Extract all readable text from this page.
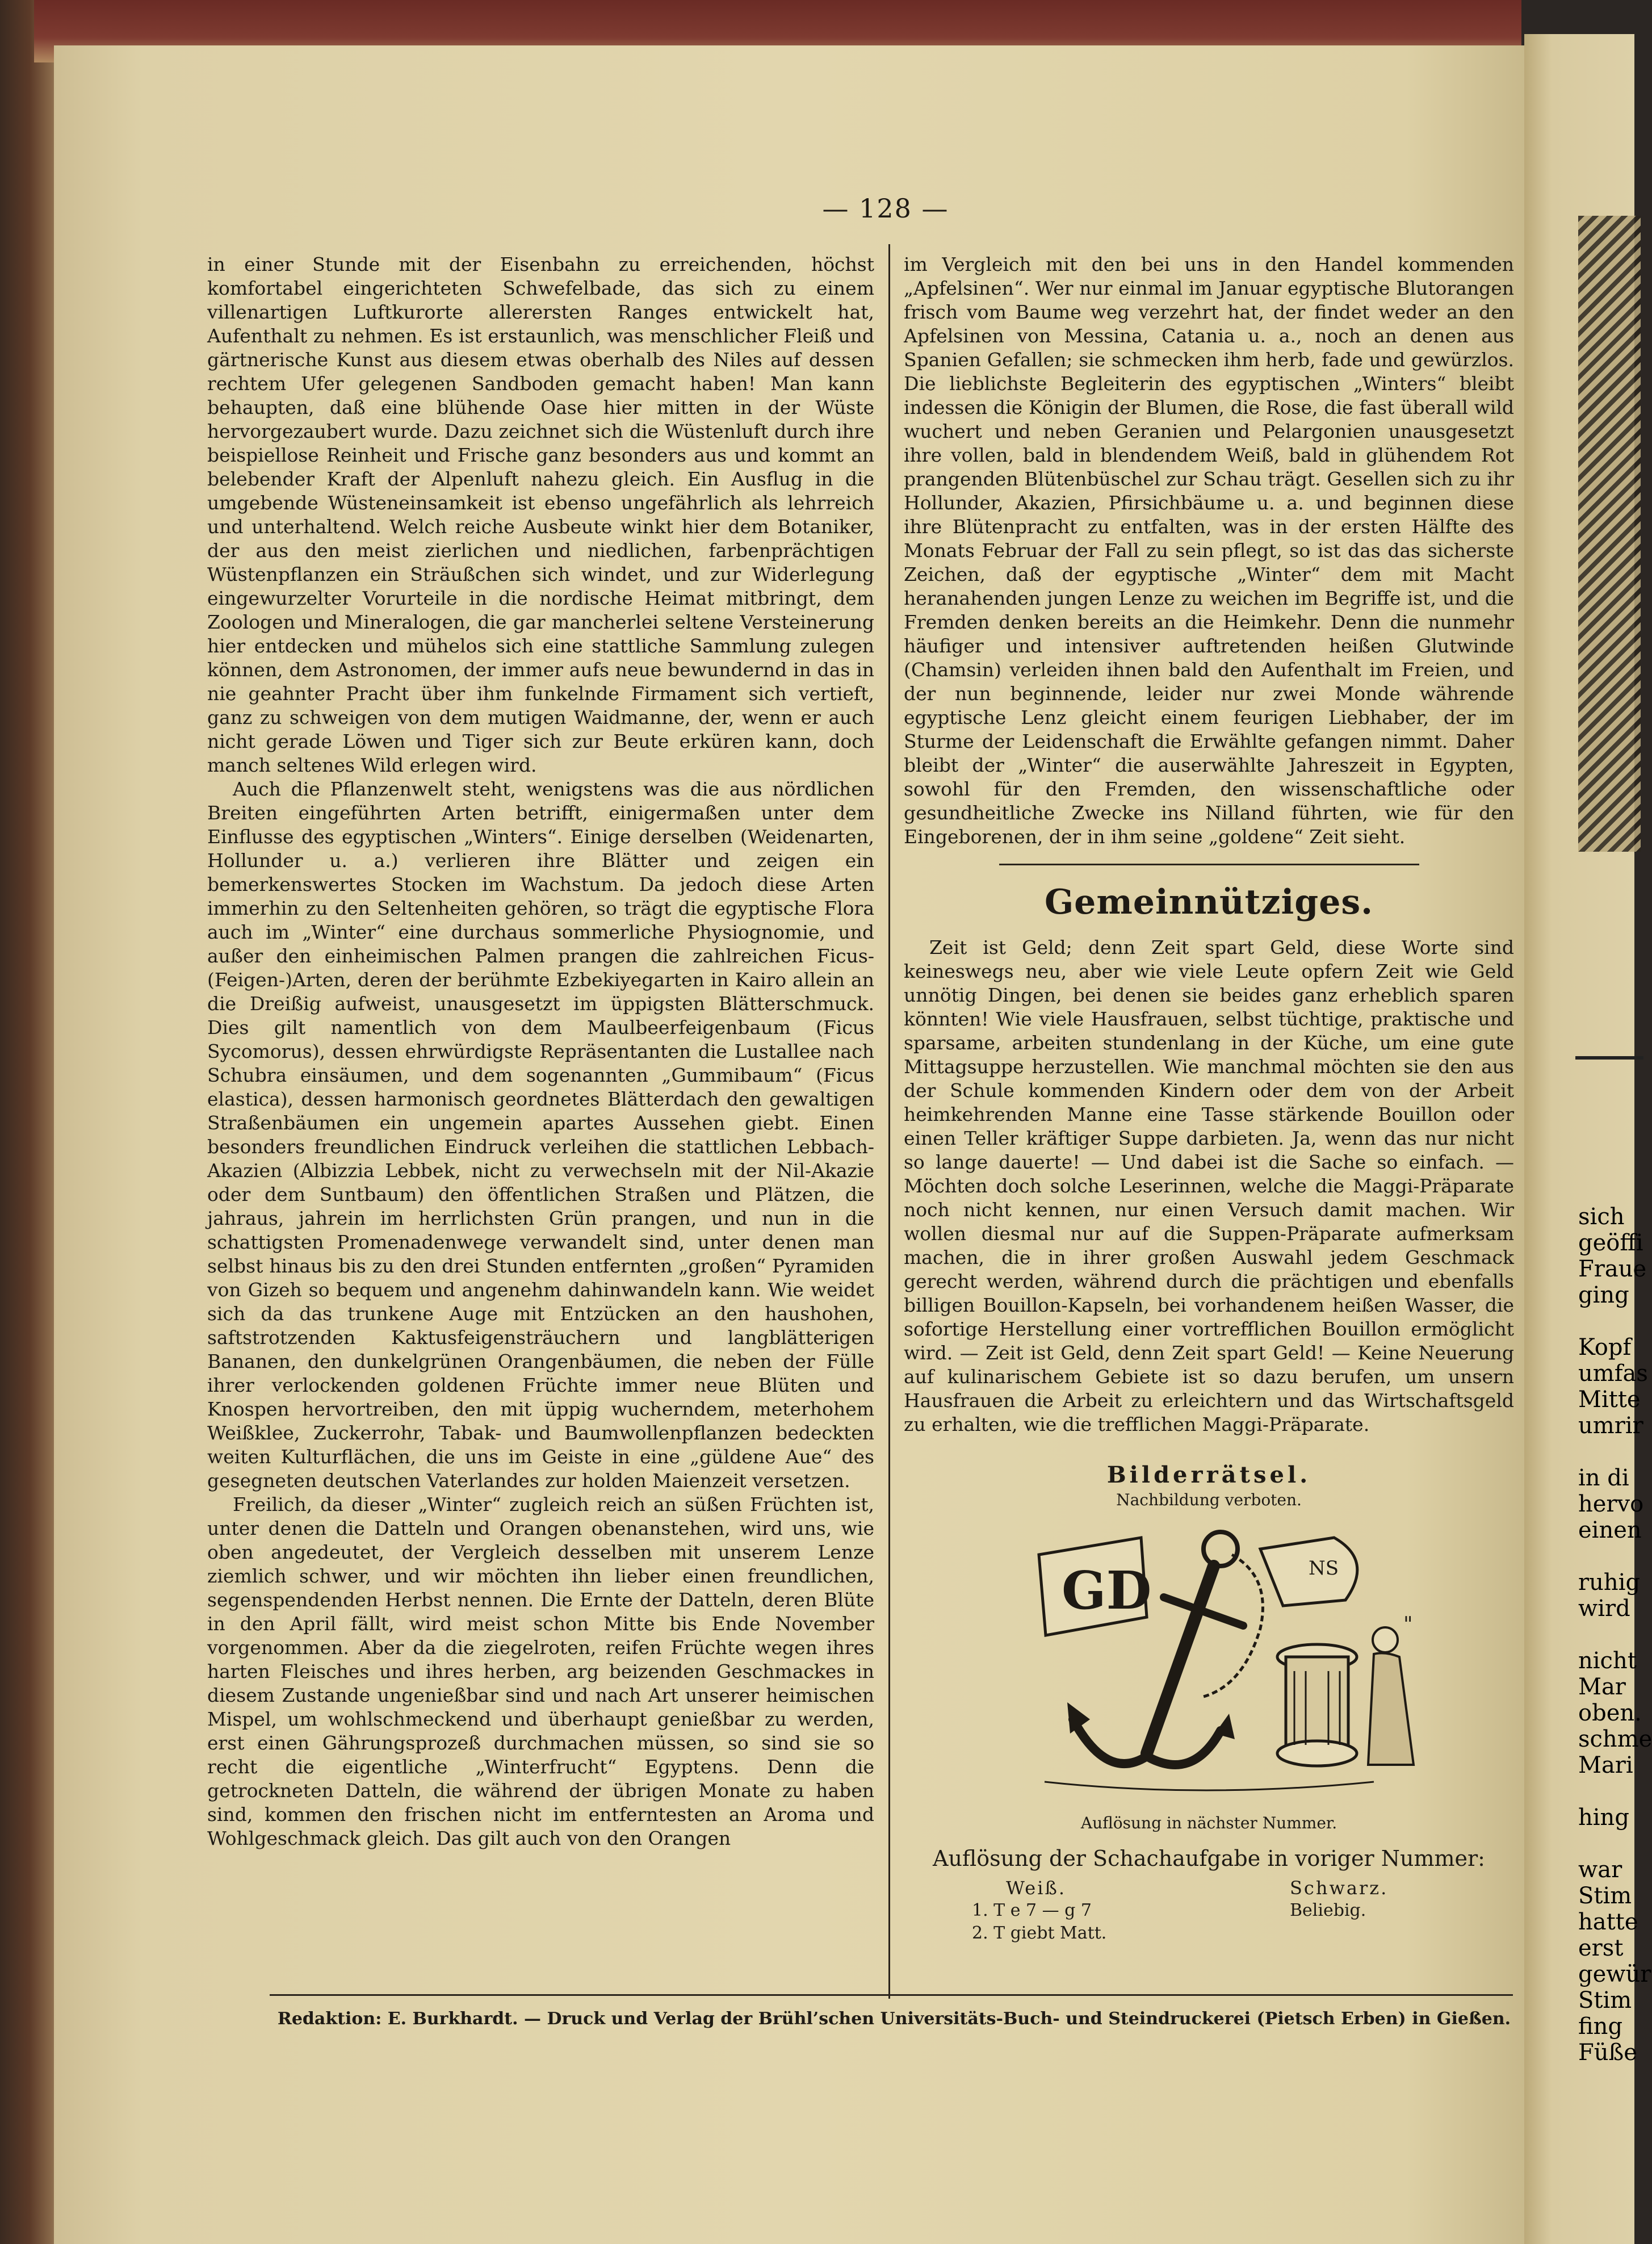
— 128 —

in einer Stunde mit der Eisenbahn zu erreichenden, höchst komfortabel eingerichteten Schwefelbade, das sich zu einem villenartigen Luftkurorte allerersten Ranges entwickelt hat, Aufenthalt zu nehmen. Es ist erstaunlich, was menschlicher Fleiß und gärtnerische Kunst aus diesem etwas oberhalb des Niles auf dessen rechtem Ufer gelegenen Sandboden gemacht haben! Man kann behaupten, daß eine blühende Oase hier mitten in der Wüste hervorgezaubert wurde. Dazu zeichnet sich die Wüstenluft durch ihre beispiellose Reinheit und Frische ganz besonders aus und kommt an belebender Kraft der Alpenluft nahezu gleich. Ein Ausflug in die umgebende Wüsteneinsamkeit ist ebenso ungefährlich als lehrreich und unterhaltend. Welch reiche Ausbeute winkt hier dem Botaniker, der aus den meist zierlichen und niedlichen, farbenprächtigen Wüstenpflanzen ein Sträußchen sich windet, und zur Widerlegung eingewurzelter Vorurteile in die nordische Heimat mitbringt, dem Zoologen und Mineralogen, die gar mancherlei seltene Versteinerung hier entdecken und mühelos sich eine stattliche Sammlung zulegen können, dem Astronomen, der immer aufs neue bewundernd in das in nie geahnter Pracht über ihm funkelnde Firmament sich vertieft, ganz zu schweigen von dem mutigen Waidmanne, der, wenn er auch nicht gerade Löwen und Tiger sich zur Beute erküren kann, doch manch seltenes Wild erlegen wird.

Auch die Pflanzenwelt steht, wenigstens was die aus nördlichen Breiten eingeführten Arten betrifft, einigermaßen unter dem Einflusse des egyptischen „Winters“. Einige derselben (Weidenarten, Hollunder u. a.) verlieren ihre Blätter und zeigen ein bemerkenswertes Stocken im Wachstum. Da jedoch diese Arten immerhin zu den Seltenheiten gehören, so trägt die egyptische Flora auch im „Winter“ eine durchaus sommerliche Physiognomie, und außer den einheimischen Palmen prangen die zahlreichen Ficus-(Feigen-)Arten, deren der berühmte Ezbekiyegarten in Kairo allein an die Dreißig aufweist, unausgesetzt im üppigsten Blätterschmuck. Dies gilt namentlich von dem Maulbeerfeigenbaum (Ficus Sycomorus), dessen ehrwürdigste Repräsentanten die Lustallee nach Schubra einsäumen, und dem sogenannten „Gummibaum“ (Ficus elastica), dessen harmonisch geordnetes Blätterdach den gewaltigen Straßenbäumen ein ungemein apartes Aussehen giebt. Einen besonders freundlichen Eindruck verleihen die stattlichen Lebbach-Akazien (Albizzia Lebbek, nicht zu verwechseln mit der Nil-Akazie oder dem Suntbaum) den öffentlichen Straßen und Plätzen, die jahraus, jahrein im herrlichsten Grün prangen, und nun in die schattigsten Promenadenwege verwandelt sind, unter denen man selbst hinaus bis zu den drei Stunden entfernten „großen“ Pyramiden von Gizeh so bequem und angenehm dahinwandeln kann. Wie weidet sich da das trunkene Auge mit Entzücken an den haushohen, saftstrotzenden Kaktusfeigensträuchern und langblätterigen Bananen, den dunkelgrünen Orangenbäumen, die neben der Fülle ihrer verlockenden goldenen Früchte immer neue Blüten und Knospen hervortreiben, den mit üppig wucherndem, meterhohem Weißklee, Zuckerrohr, Tabak- und Baumwollenpflanzen bedeckten weiten Kulturflächen, die uns im Geiste in eine „güldene Aue“ des gesegneten deutschen Vaterlandes zur holden Maienzeit versetzen.

Freilich, da dieser „Winter“ zugleich reich an süßen Früchten ist, unter denen die Datteln und Orangen obenanstehen, wird uns, wie oben angedeutet, der Vergleich desselben mit unserem Lenze ziemlich schwer, und wir möchten ihn lieber einen freundlichen, segenspendenden Herbst nennen. Die Ernte der Datteln, deren Blüte in den April fällt, wird meist schon Mitte bis Ende November vorgenommen. Aber da die ziegelroten, reifen Früchte wegen ihres harten Fleisches und ihres herben, arg beizenden Geschmackes in diesem Zustande ungenießbar sind und nach Art unserer heimischen Mispel, um wohlschmeckend und überhaupt genießbar zu werden, erst einen Gährungsprozeß durchmachen müssen, so sind sie so recht die eigentliche „Winterfrucht“ Egyptens. Denn die getrockneten Datteln, die während der übrigen Monate zu haben sind, kommen den frischen nicht im entferntesten an Aroma und Wohlgeschmack gleich. Das gilt auch von den Orangen

im Vergleich mit den bei uns in den Handel kommenden „Apfelsinen“. Wer nur einmal im Januar egyptische Blutorangen frisch vom Baume weg verzehrt hat, der findet weder an den Apfelsinen von Messina, Catania u. a., noch an denen aus Spanien Gefallen; sie schmecken ihm herb, fade und gewürzlos. Die lieblichste Begleiterin des egyptischen „Winters“ bleibt indessen die Königin der Blumen, die Rose, die fast überall wild wuchert und neben Geranien und Pelargonien unausgesetzt ihre vollen, bald in blendendem Weiß, bald in glühendem Rot prangenden Blütenbüschel zur Schau trägt. Gesellen sich zu ihr Hollunder, Akazien, Pfirsichbäume u. a. und beginnen diese ihre Blütenpracht zu entfalten, was in der ersten Hälfte des Monats Februar der Fall zu sein pflegt, so ist das das sicherste Zeichen, daß der egyptische „Winter“ dem mit Macht heranahenden jungen Lenze zu weichen im Begriffe ist, und die Fremden denken bereits an die Heimkehr. Denn die nunmehr häufiger und intensiver auftretenden heißen Glutwinde (Chamsin) verleiden ihnen bald den Aufenthalt im Freien, und der nun beginnende, leider nur zwei Monde währende egyptische Lenz gleicht einem feurigen Liebhaber, der im Sturme der Leidenschaft die Erwählte gefangen nimmt. Daher bleibt der „Winter“ die auserwählte Jahreszeit in Egypten, sowohl für den Fremden, den wissenschaftliche oder gesundheitliche Zwecke ins Nilland führten, wie für den Eingeborenen, der in ihm seine „goldene“ Zeit sieht.

Gemeinnütziges.

Zeit ist Geld; denn Zeit spart Geld, diese Worte sind keineswegs neu, aber wie viele Leute opfern Zeit wie Geld unnötig Dingen, bei denen sie beides ganz erheblich sparen könnten! Wie viele Hausfrauen, selbst tüchtige, praktische und sparsame, arbeiten stundenlang in der Küche, um eine gute Mittagsuppe herzustellen. Wie manchmal möchten sie den aus der Schule kommenden Kindern oder dem von der Arbeit heimkehrenden Manne eine Tasse stärkende Bouillon oder einen Teller kräftiger Suppe darbieten. Ja, wenn das nur nicht so lange dauerte! — Und dabei ist die Sache so einfach. — Möchten doch solche Leserinnen, welche die Maggi-Präparate noch nicht kennen, nur einen Versuch damit machen. Wir wollen diesmal nur auf die Suppen-Präparate aufmerksam machen, die in ihrer großen Auswahl jedem Geschmack gerecht werden, während durch die prächtigen und ebenfalls billigen Bouillon-Kapseln, bei vorhandenem heißen Wasser, die sofortige Herstellung einer vortrefflichen Bouillon ermöglicht wird. — Zeit ist Geld, denn Zeit spart Geld! — Keine Neuerung auf kulinarischem Gebiete ist so dazu berufen, um unsern Hausfrauen die Arbeit zu erleichtern und das Wirtschaftsgeld zu erhalten, wie die trefflichen Maggi-Präparate.

Bilderrätsel.
Nachbildung verboten.
GD	NS
"
Auflösung in nächster Nummer.
Auflösung der Schachaufgabe in voriger Nummer:
Weiß.	Schwarz.
1. T e 7 — g 7	Beliebig.
2. T giebt Matt.
Redaktion: E. Burkhardt. — Druck und Verlag der Brühl’schen Universitäts-Buch- und Steindruckerei (Pietsch Erben) in Gießen.
sich
geöffi
Fraue
ging

Kopf
umfas
Mitte
umrir

in di
hervo
einen

ruhig
wird

nicht
Mar
oben.
schme
Mari

hing

war
Stim
hatte
erst
gewür
Stim
fing
Füße
